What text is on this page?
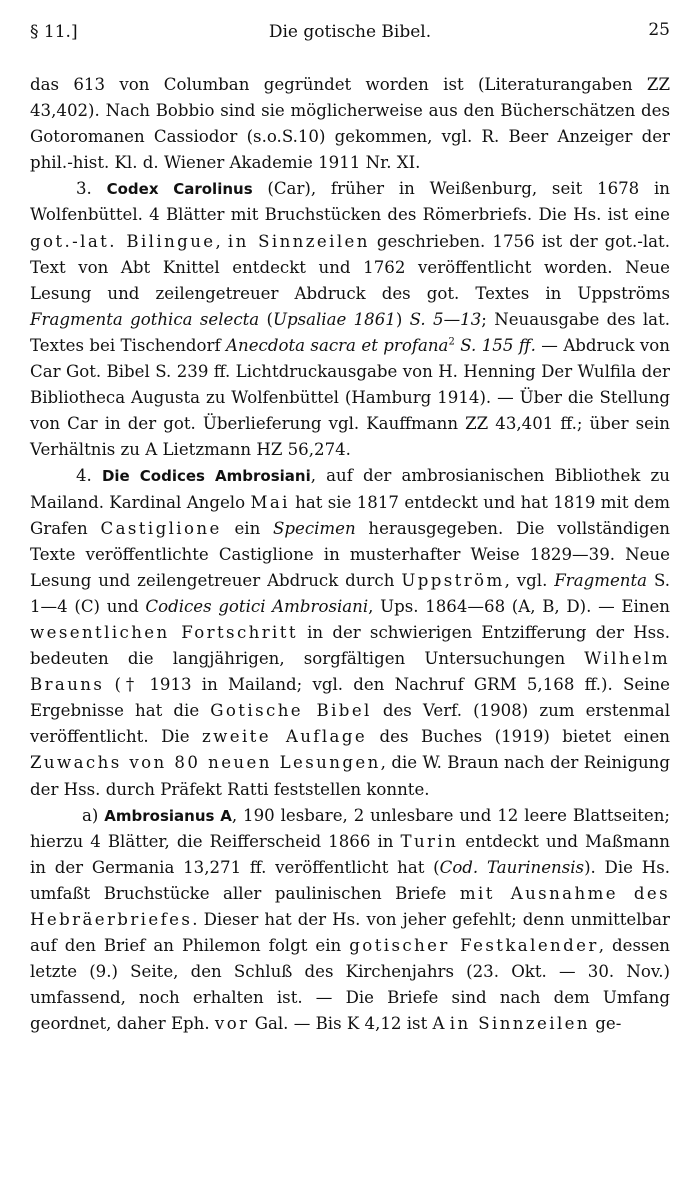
§ 11.]	Die gotische Bibel.	25

das 613 von Columban gegründet worden ist (Literaturangaben ZZ 43,402). Nach Bobbio sind sie möglicherweise aus den Bücherschätzen des Gotoromanen Cassiodor (s.o.S.10) gekommen, vgl. R. Beer Anzeiger der phil.-hist. Kl. d. Wiener Akademie 1911 Nr. XI.

3. Codex Carolinus (Car), früher in Weißenburg, seit 1678 in Wolfenbüttel. 4 Blätter mit Bruchstücken des Römerbriefs. Die Hs. ist eine got.-lat. Bilingue, in Sinnzeilen geschrieben. 1756 ist der got.-lat. Text von Abt Knittel entdeckt und 1762 veröffentlicht worden. Neue Lesung und zeilengetreuer Abdruck des got. Textes in Uppströms Fragmenta gothica selecta (Upsaliae 1861) S. 5—13; Neuausgabe des lat. Textes bei Tischendorf Anecdota sacra et profana$^2$ S. 155 ff. — Abdruck von Car Got. Bibel S. 239 ff. Lichtdruckausgabe von H. Henning Der Wulfila der Bibliotheca Augusta zu Wolfenbüttel (Hamburg 1914). — Über die Stellung von Car in der got. Überlieferung vgl. Kauffmann ZZ 43,401 ff.; über sein Verhältnis zu A Lietzmann HZ 56,274.

4. Die Codices Ambrosiani, auf der ambrosianischen Bibliothek zu Mailand. Kardinal Angelo Mai hat sie 1817 entdeckt und hat 1819 mit dem Grafen Castiglione ein Specimen herausgegeben. Die vollständigen Texte veröffentlichte Castiglione in musterhafter Weise 1829—39. Neue Lesung und zeilengetreuer Abdruck durch Uppström, vgl. Fragmenta S. 1—4 (C) und Codices gotici Ambrosiani, Ups. 1864—68 (A, B, D). — Einen wesentlichen Fortschritt in der schwierigen Entzifferung der Hss. bedeuten die langjährigen, sorgfältigen Untersuchungen Wilhelm Brauns († 1913 in Mailand; vgl. den Nachruf GRM 5,168 ff.). Seine Ergebnisse hat die Gotische Bibel des Verf. (1908) zum erstenmal veröffentlicht. Die zweite Auflage des Buches (1919) bietet einen Zuwachs von 80 neuen Lesungen, die W. Braun nach der Reinigung der Hss. durch Präfekt Ratti feststellen konnte.

a) Ambrosianus A, 190 lesbare, 2 unlesbare und 12 leere Blattseiten; hierzu 4 Blätter, die Reifferscheid 1866 in Turin entdeckt und Maßmann in der Germania 13,271 ff. veröffentlicht hat (Cod. Taurinensis). Die Hs. umfaßt Bruchstücke aller paulinischen Briefe mit Ausnahme des Hebräerbriefes. Dieser hat der Hs. von jeher gefehlt; denn unmittelbar auf den Brief an Philemon folgt ein gotischer Festkalender, dessen letzte (9.) Seite, den Schluß des Kirchenjahrs (23. Okt. — 30. Nov.) umfassend, noch erhalten ist. — Die Briefe sind nach dem Umfang geordnet, daher Eph. vor Gal. — Bis K 4,12 ist A in Sinnzeilen ge-
